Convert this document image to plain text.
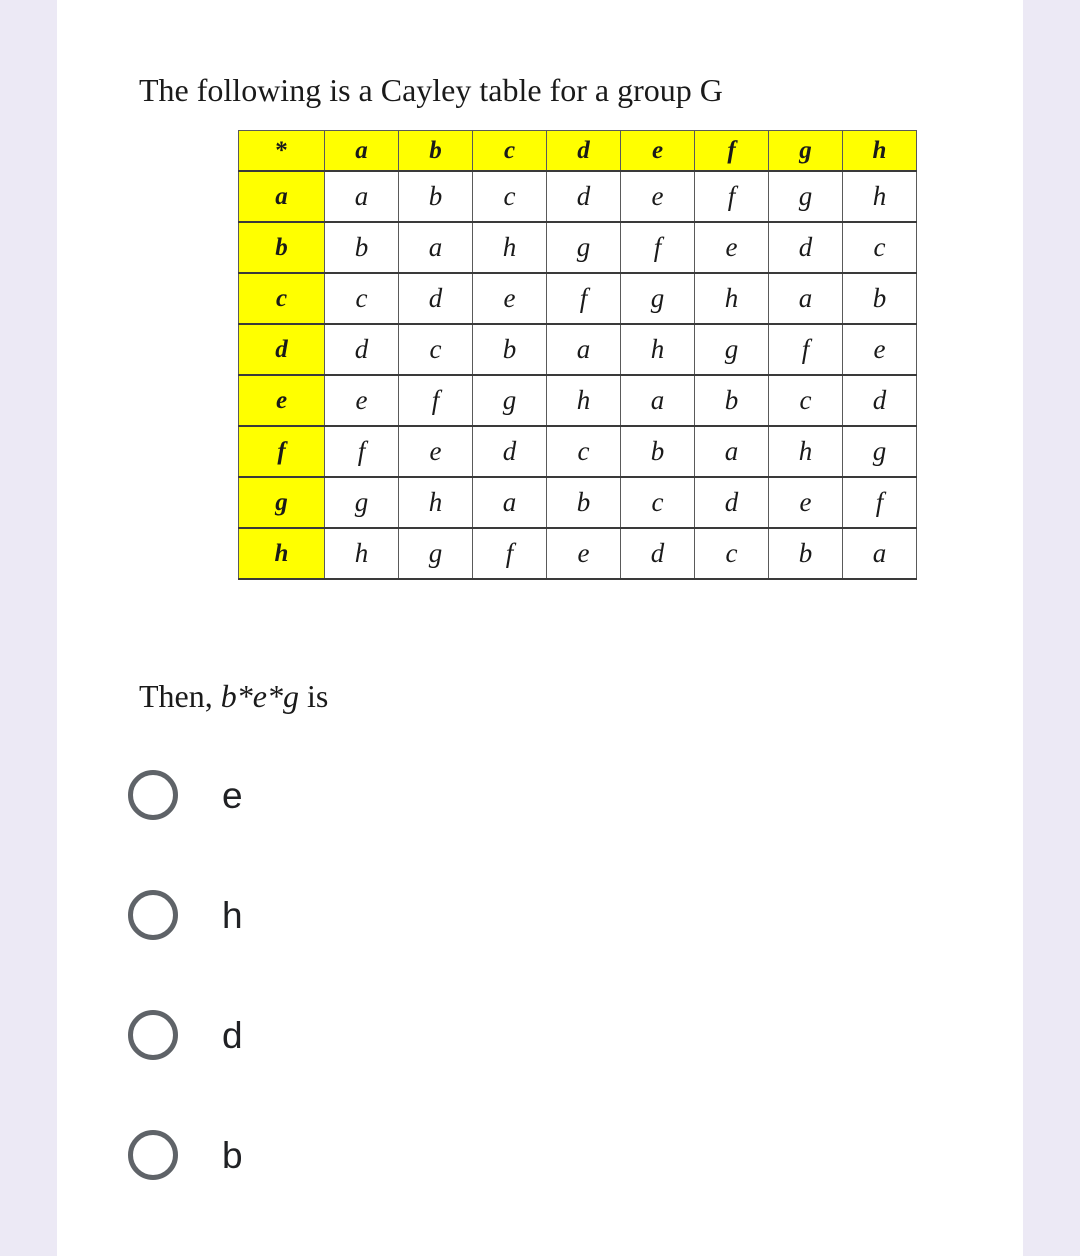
The following is a Cayley table for a group G

*	a	b	c	d	e	f	g	h
a	a	b	c	d	e	f	g	h
b	b	a	h	g	f	e	d	c
c	c	d	e	f	g	h	a	b
d	d	c	b	a	h	g	f	e
e	e	f	g	h	a	b	c	d
f	f	e	d	c	b	a	h	g
g	g	h	a	b	c	d	e	f
h	h	g	f	e	d	c	b	a

Then, b*e*g is

e
h
d
b
